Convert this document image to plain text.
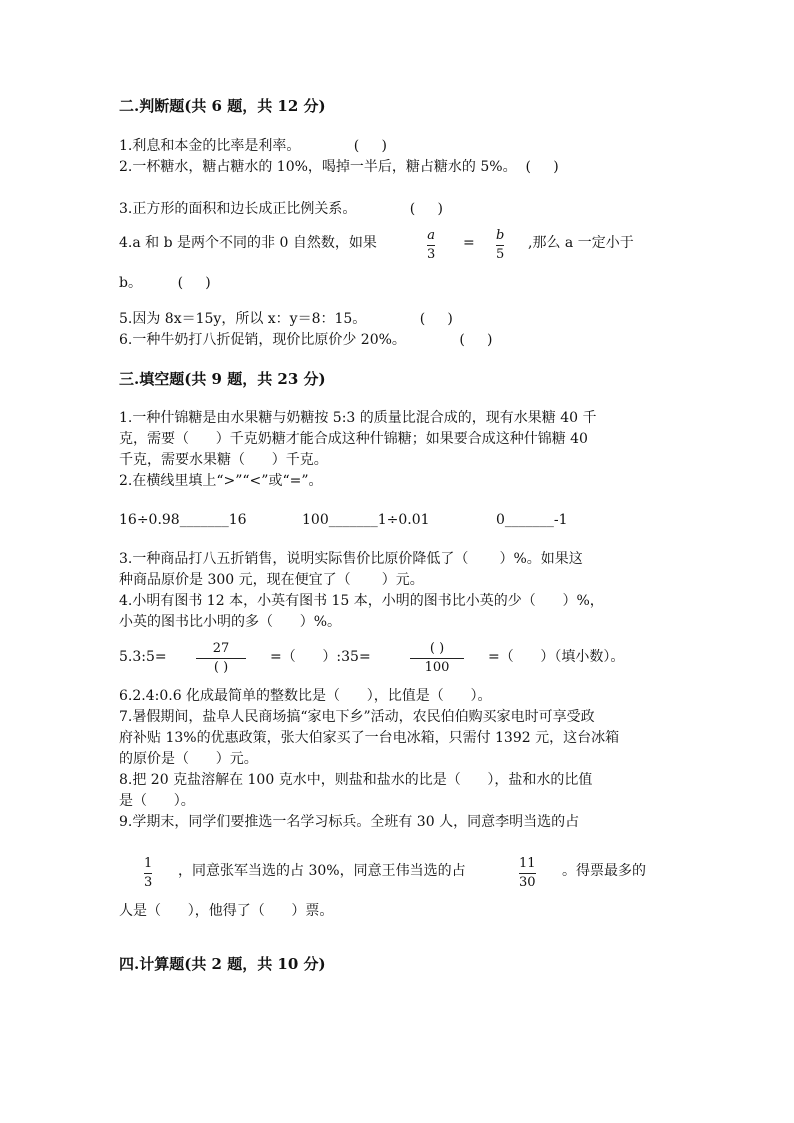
二.判断题(共 6 题，共 12 分)
1.利息和本金的比率是利率。            (     )
2.一杯糖水，糖占糖水的 10%，喝掉一半后，糖占糖水的 5%。  (     )
3.正方形的面积和边长成正比例关系。            (     )
4.a 和 b 是两个不同的非 0 自然数，如果	a
3
= b
5
,那么 a 一定小于
b。        (     )
5.因为 8x＝15y，所以 x：y＝8：15。            (     )
6.一种牛奶打八折促销，现价比原价少 20%。            (     )
三.填空题(共 9 题，共 23 分)
1.一种什锦糖是由水果糖与奶糖按 5:3 的质量比混合成的，现有水果糖 40 千
克，需要（      ）千克奶糖才能合成这种什锦糖；如果要合成这种什锦糖 40
千克，需要水果糖（      ）千克。
2.在横线里填上“>”“<”或“=”。
16÷0.98_______16	100_______1÷0.01	0_______-1
3.一种商品打八五折销售，说明实际售价比原价降低了（       ）%。如果这
种商品原价是 300 元，现在便宜了（       ）元。
4.小明有图书 12 本，小英有图书 15 本，小明的图书比小英的少（      ）%，
小英的图书比小明的多（      ）%。
5.3:5=
27
( )
=（      ）:35=
( )
100
=（      ）（填小数）。
6.2.4:0.6 化成最简单的整数比是（      ），比值是（      ）。
7.暑假期间，盐阜人民商场搞“家电下乡”活动，农民伯伯购买家电时可享受政
府补贴 13%的优惠政策，张大伯家买了一台电冰箱，只需付 1392 元，这台冰箱
的原价是（      ）元。
8.把 20 克盐溶解在 100 克水中，则盐和盐水的比是（      ），盐和水的比值
是（      ）。
9.学期末，同学们要推选一名学习标兵。全班有 30 人，同意李明当选的占
1
3
，同意张军当选的占 30%，同意王伟当选的占	11
30
。得票最多的
人是（      ），他得了（      ）票。
四.计算题(共 2 题，共 10 分)
